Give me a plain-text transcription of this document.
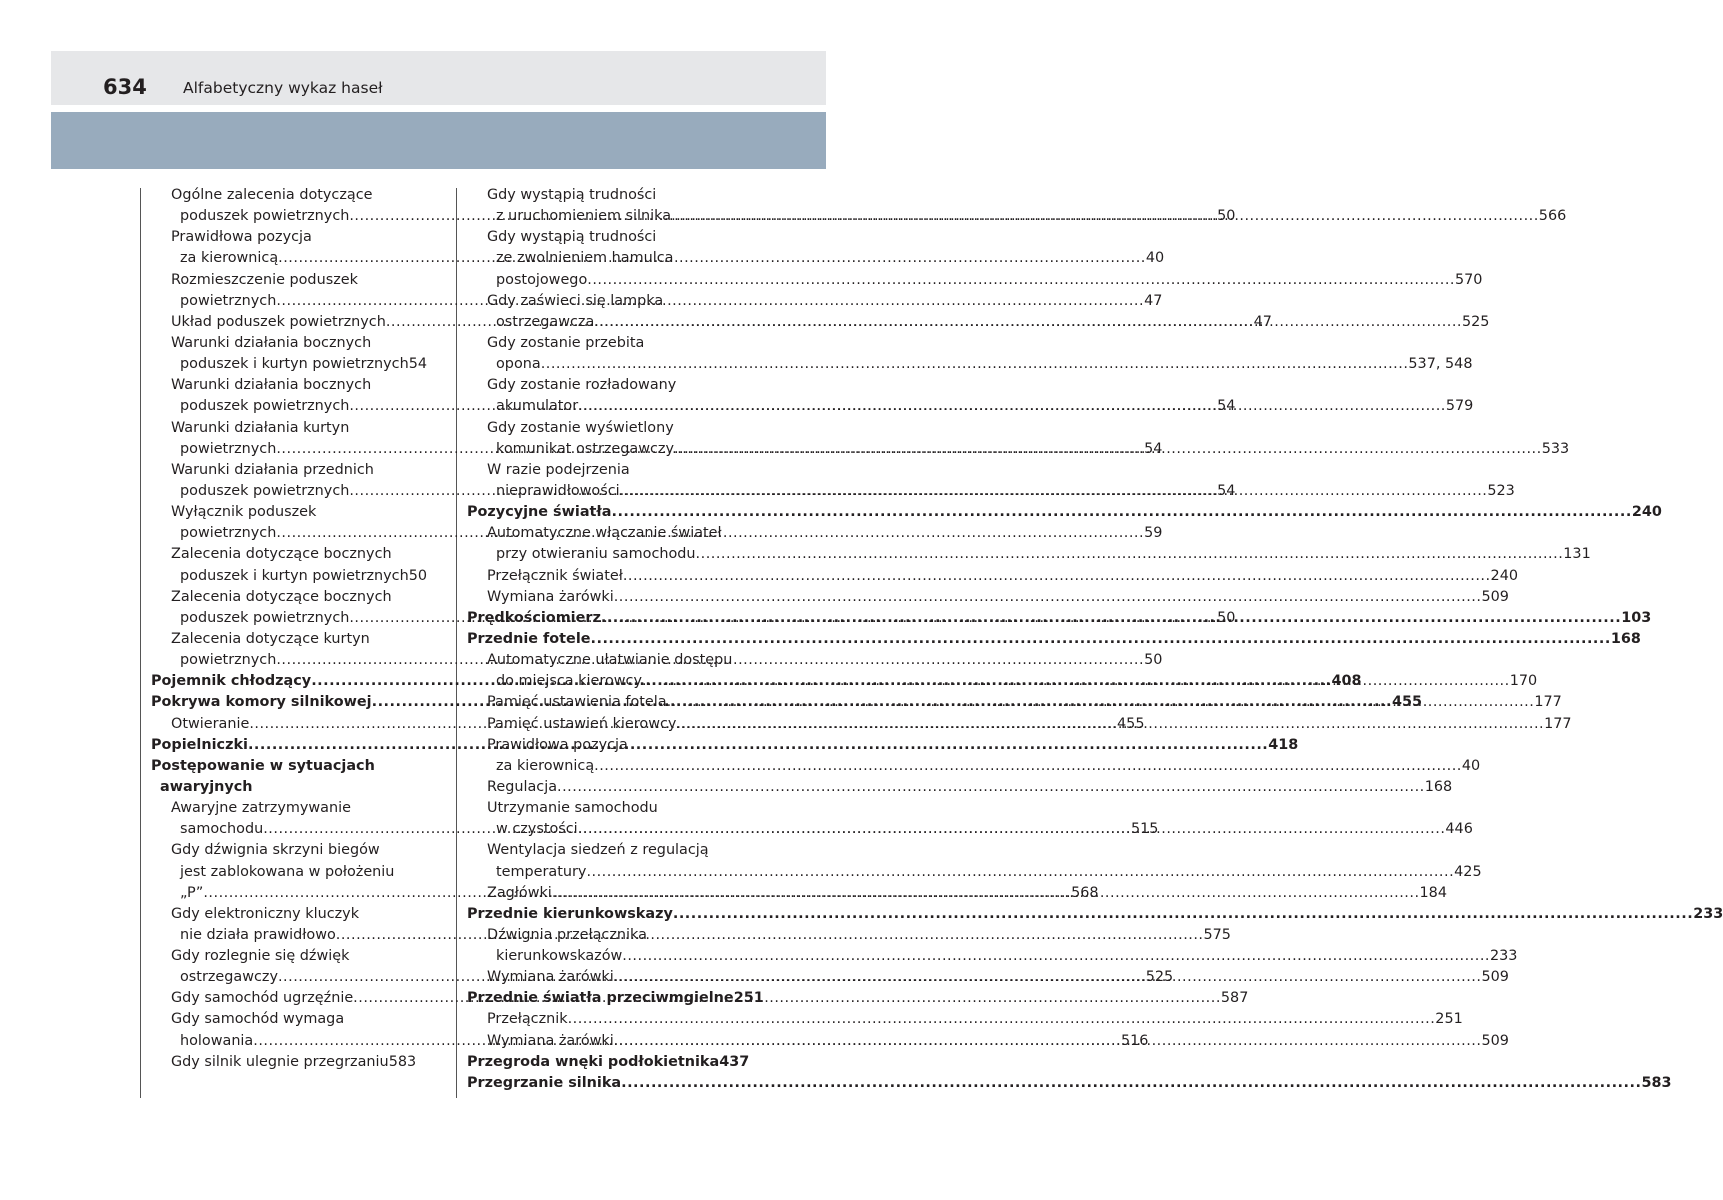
634 Alfabetyczny wykaz haseł
Ogólne zalecenia dotyczące
poduszek powietrznych .....	50
Prawidłowa pozycja
za kierownicą .....	40
Rozmieszczenie poduszek
powietrznych .....	47
Układ poduszek powietrznych .....	47
Warunki działania bocznych
poduszek i kurtyn powietrznych 54
Warunki działania bocznych
poduszek powietrznych .....	54
Warunki działania kurtyn
powietrznych .....	54
Warunki działania przednich
poduszek powietrznych .....	54
Wyłącznik poduszek
powietrznych .....	59
Zalecenia dotyczące bocznych
poduszek i kurtyn powietrznych 50
Zalecenia dotyczące bocznych
poduszek powietrznych .....	50
Zalecenia dotyczące kurtyn
powietrznych .....	50
Pojemnik chłodzący .....	408
Pokrywa komory silnikowej .....	455
Otwieranie .....	455
Popielniczki .....	418
Postępowanie w sytuacjach
awaryjnych
Awaryjne zatrzymywanie
samochodu .....	515
Gdy dźwignia skrzyni biegów
jest zablokowana w położeniu
„P” .....	568
Gdy elektroniczny kluczyk
nie działa prawidłowo .....	575
Gdy rozlegnie się dźwięk
ostrzegawczy .....	525
Gdy samochód ugrzęźnie .....	587
Gdy samochód wymaga
holowania .....	516
Gdy silnik ulegnie przegrzaniu 583
Gdy wystąpią trudności
z uruchomieniem silnika .....	566
Gdy wystąpią trudności
ze zwolnieniem hamulca
postojowego .....	570
Gdy zaświeci się lampka
ostrzegawcza .....	525
Gdy zostanie przebita
opona .....	537, 548
Gdy zostanie rozładowany
akumulator .....	579
Gdy zostanie wyświetlony
komunikat ostrzegawczy .....	533
W razie podejrzenia
nieprawidłowości .....	523
Pozycyjne światła .....	240
Automatyczne włączanie świateł
przy otwieraniu samochodu .....	131
Przełącznik świateł .....	240
Wymiana żarówki .....	509
Prędkościomierz .....	103
Przednie fotele .....	168
Automatyczne ułatwianie dostępu
do miejsca kierowcy .....	170
Pamięć ustawienia fotela .....	177
Pamięć ustawień kierowcy .....	177
Prawidłowa pozycja
za kierownicą .....	40
Regulacja .....	168
Utrzymanie samochodu
w czystości .....	446
Wentylacja siedzeń z regulacją
temperatury .....	425
Zagłówki .....	184
Przednie kierunkowskazy .....	233
Dźwignia przełącznika
kierunkowskazów .....	233
Wymiana żarówki .....	509
Przednie światła przeciwmgielne 251
Przełącznik .....	251
Wymiana żarówki .....	509
Przegroda wnęki podłokietnika 437
Przegrzanie silnika .....	583
